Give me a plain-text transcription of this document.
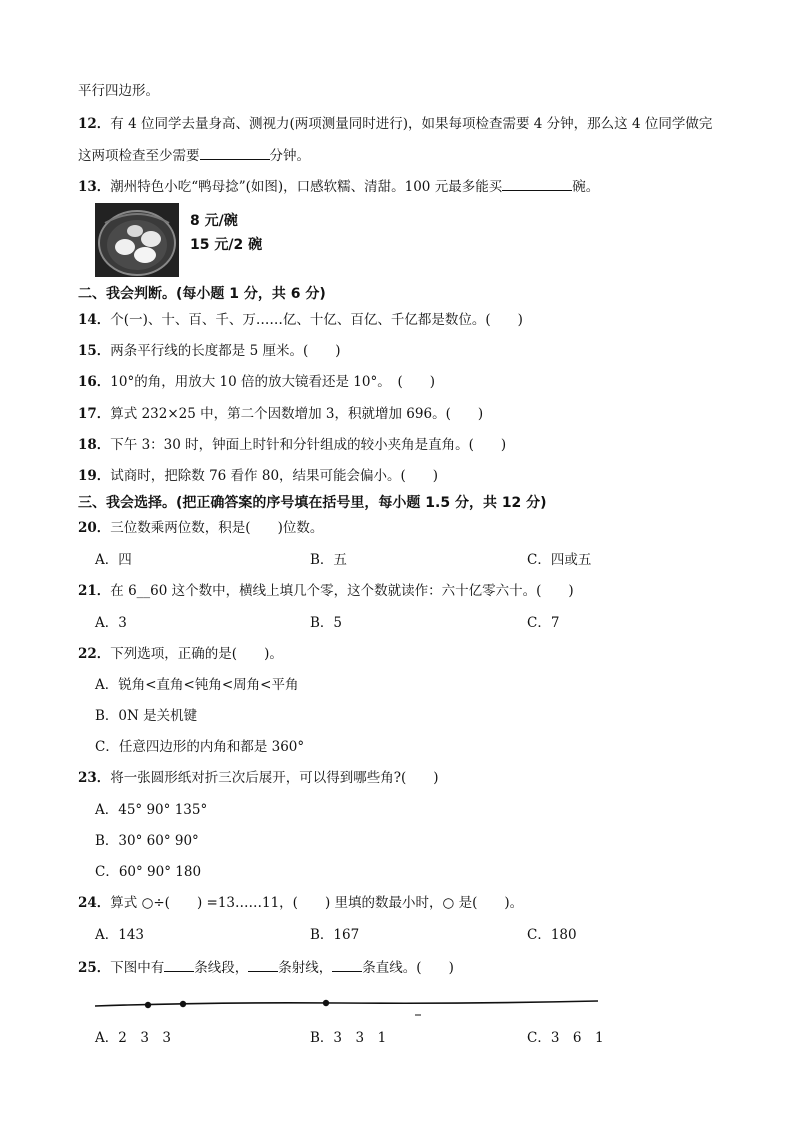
平行四边形。
12．有 4 位同学去量身高、测视力(两项测量同时进行)，如果每项检查需要 4 分钟，那么这 4 位同学做完
这两项检查至少需要	分钟。
13．潮州特色小吃“鸭母捻”(如图)，口感软糯、清甜。100 元最多能买	碗。
8 元/碗
15 元/2 碗
二、我会判断。(每小题 1 分，共 6 分)
14．个(一)、十、百、千、万……亿、十亿、百亿、千亿都是数位。(　　)
15．两条平行线的长度都是 5 厘米。(　　)
16．10°的角，用放大 10 倍的放大镜看还是 10°。　(　　)
17．算式 232×25 中，第二个因数增加 3，积就增加 696。(　　)
18．下午 3：30 时，钟面上时针和分针组成的较小夹角是直角。(　　)
19．试商时，把除数 76 看作 80，结果可能会偏小。(　　)
三、我会选择。(把正确答案的序号填在括号里，每小题 1.5 分，共 12 分)
20．三位数乘两位数，积是(　　)位数。
A．四	B．五	C．四或五
21．在 6__60 这个数中，横线上填几个零，这个数就读作：六十亿零六十。(　　)
A．3	B．5	C．7
22．下列选项，正确的是(　　)。
A．锐角<直角<钝角<周角<平角
B．0N 是关机键
C．任意四边形的内角和都是 360°
23．将一张圆形纸对折三次后展开，可以得到哪些角?(　　)
A．45° 90° 135°
B．30° 60° 90°
C．60° 90° 180
24．算式 ○÷(　　) =13……11，(　　) 里填的数最小时，○ 是(　　)。
A．143	B．167	C．180
25．下图中有 条线段， 条射线， 条直线。(　　)
A．2　3　3	B．3　3　1	C．3　6　1
